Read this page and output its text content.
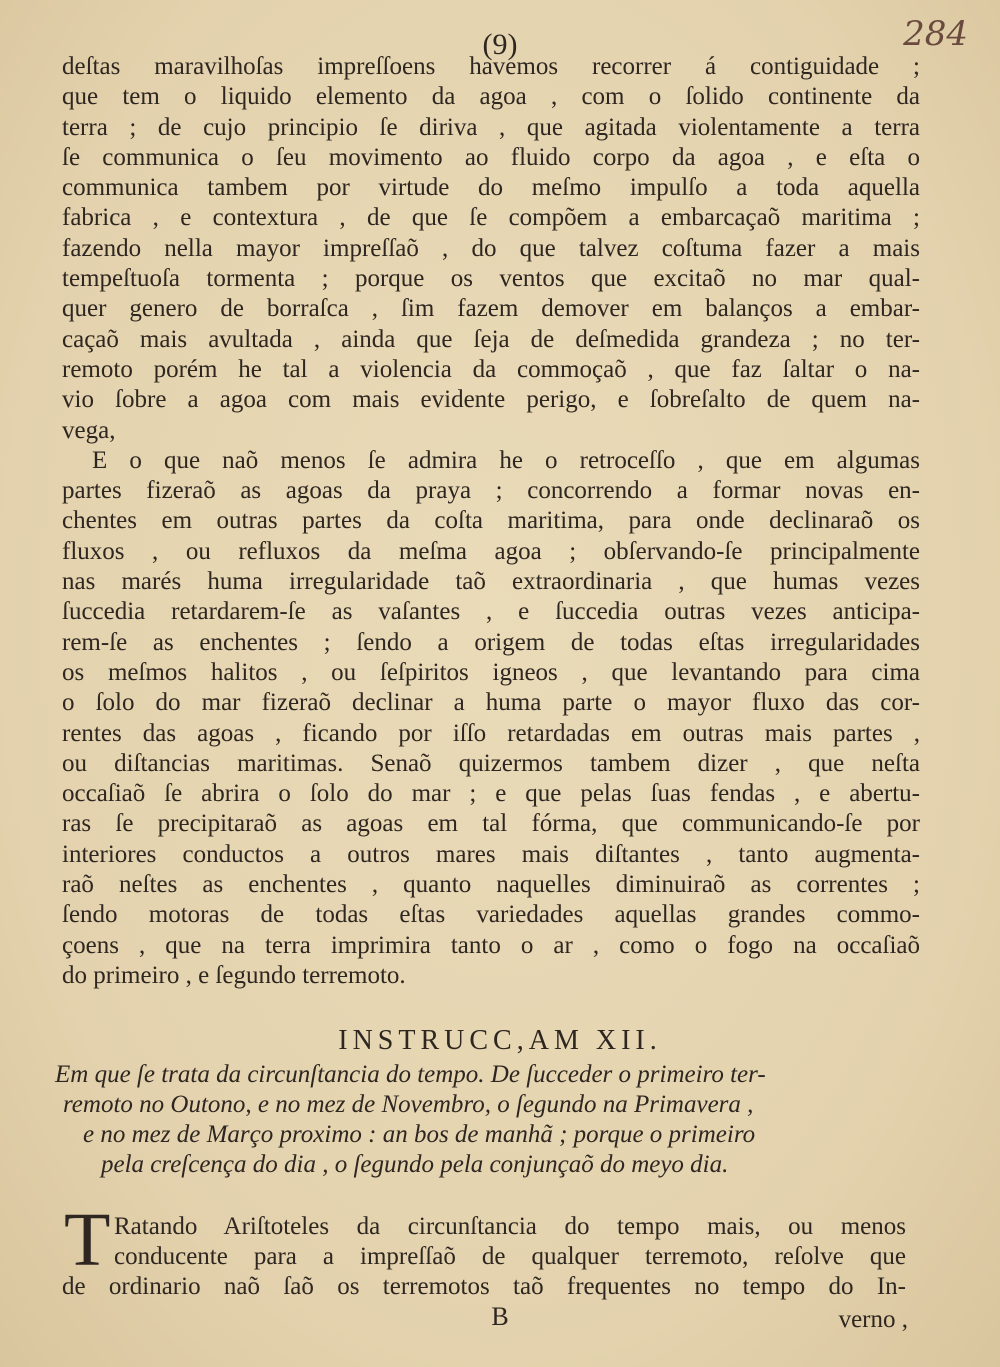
(9)	284
deſtas maravilhoſas impreſſoens havemos recorrer á contiguidade ;
que tem o liquido elemento da agoa , com o ſolido continente da
terra ; de cujo principio ſe diriva , que agitada violentamente a terra
ſe communica o ſeu movimento ao fluido corpo da agoa , e eſta o
communica tambem por virtude do meſmo impulſo a toda aquella
fabrica , e contextura , de que ſe compõem a embarcaçaõ maritima ;
fazendo nella mayor impreſſaõ , do que talvez coſtuma fazer a mais
tempeſtuoſa tormenta ; porque os ventos que excitaõ no mar qual-
quer genero de borraſca , ſim fazem demover em balanços a embar-
caçaõ mais avultada , ainda que ſeja de deſmedida grandeza ; no ter-
remoto porém he tal a violencia da commoçaõ , que faz ſaltar o na-
vio ſobre a agoa com mais evidente perigo, e ſobreſalto de quem na-
vega,
E o que naõ menos ſe admira he o retroceſſo , que em algumas
partes fizeraõ as agoas da praya ; concorrendo a formar novas en-
chentes em outras partes da coſta maritima, para onde declinaraõ os
fluxos , ou refluxos da meſma agoa ; obſervando-ſe principalmente
nas marés huma irregularidade taõ extraordinaria , que humas vezes
ſuccedia retardarem-ſe as vaſantes , e ſuccedia outras vezes anticipa-
rem-ſe as enchentes ; ſendo a origem de todas eſtas irregularidades
os meſmos halitos , ou ſeſpiritos igneos , que levantando para cima
o ſolo do mar fizeraõ declinar a huma parte o mayor fluxo das cor-
rentes das agoas , ficando por iſſo retardadas em outras mais partes ,
ou diſtancias maritimas. Senaõ quizermos tambem dizer , que neſta
occaſiaõ ſe abrira o ſolo do mar ; e que pelas ſuas fendas , e abertu-
ras ſe precipitaraõ as agoas em tal fórma, que communicando-ſe por
interiores conductos a outros mares mais diſtantes , tanto augmenta-
raõ neſtes as enchentes , quanto naquelles diminuiraõ as correntes ;
ſendo motoras de todas eſtas variedades aquellas grandes commo-
çoens , que na terra imprimira tanto o ar , como o fogo na occaſiaõ
do primeiro , e ſegundo terremoto.
INSTRUCC,AM XII.
Em que ſe trata da circunſtancia do tempo. De ſucceder o primeiro ter-
remoto no Outono, e no mez de Novembro, o ſegundo na Primavera ,
e no mez de Março proximo : an bos de manhã ; porque o primeiro
pela creſcença do dia , o ſegundo pela conjunçaõ do meyo dia.
T Ratando Ariſtoteles da circunſtancia do tempo mais, ou menos
conducente para a impreſſaõ de qualquer terremoto, reſolve que
de ordinario naõ ſaõ os terremotos taõ frequentes no tempo do In-
B	verno ,
